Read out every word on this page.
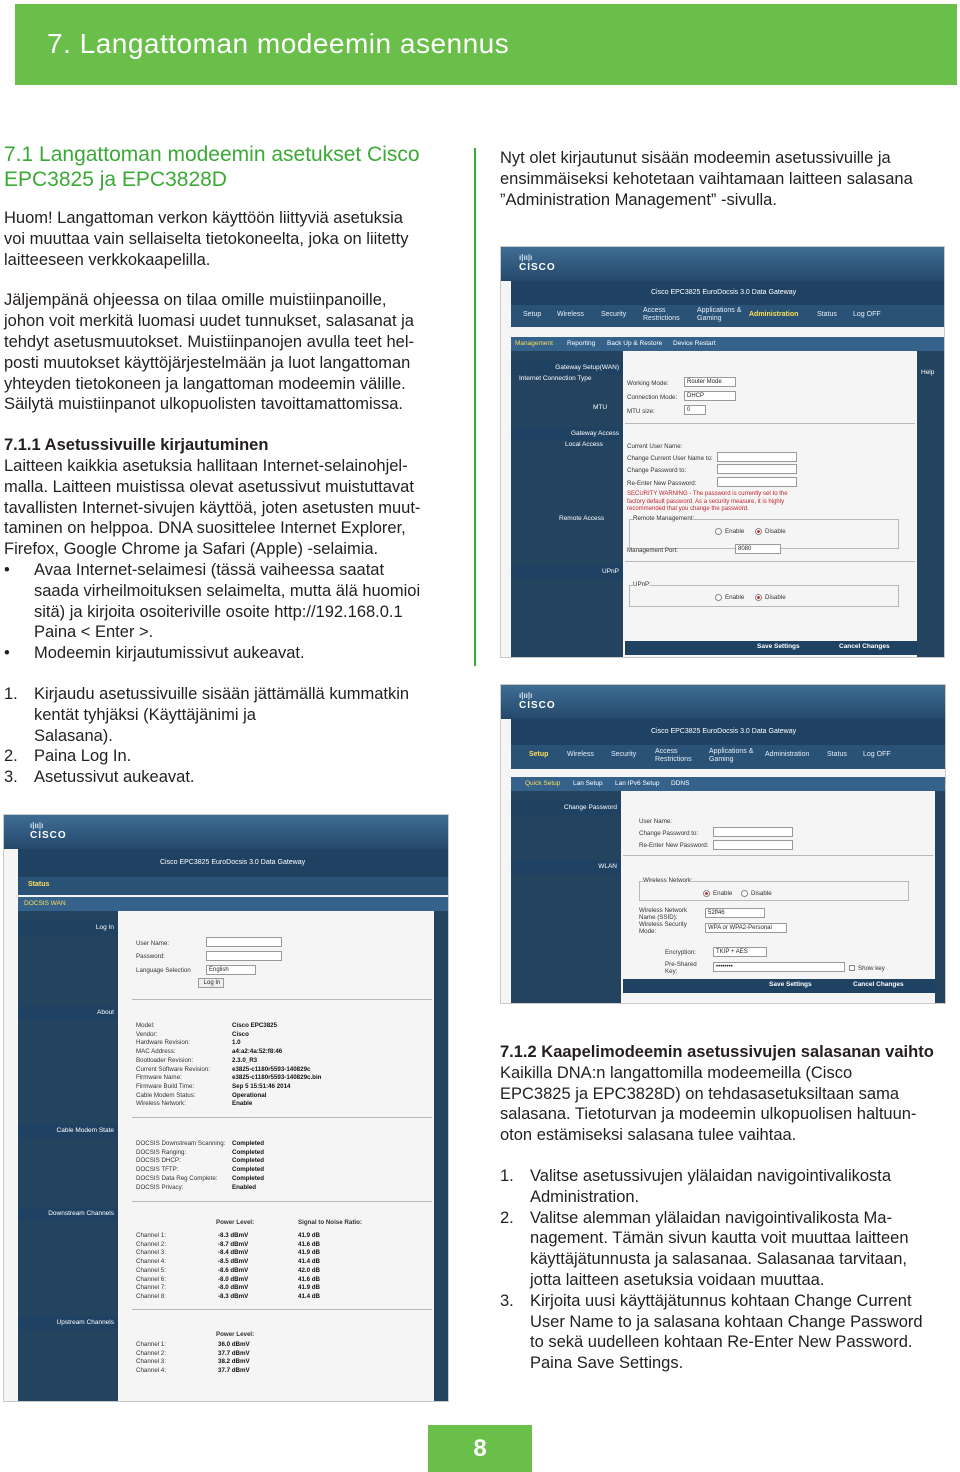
7. Langattoman modeemin asennus

7.1 Langattoman modeemin asetukset Cisco EPC3825 ja EPC3828D

Huom! Langattoman verkon käyttöön liittyviä asetuksia

voi muuttaa vain sellaiselta tietokoneelta, joka on liitetty

laitteeseen verkkokaapelilla.

Jäljempänä ohjeessa on tilaa omille muistiinpanoille,

johon voit merkitä luomasi uudet tunnukset, salasanat ja

tehdyt asetusmuutokset. Muistiinpanojen avulla teet hel-

posti muutokset käyttöjärjestelmään ja luot langattoman

yhteyden tietokoneen ja langattoman modeemin välille.

Säilytä muistiinpanot ulkopuolisten tavoittamattomissa.

7.1.1 Asetussivuille kirjautuminen

Laitteen kaikkia asetuksia hallitaan Internet-selainohjel-

malla. Laitteen muistissa olevat asetussivut muistuttavat

tavallisten Internet-sivujen käyttöä, joten asetusten muut-

taminen on helppoa. DNA suosittelee Internet Explorer,

Firefox, Google Chrome ja Safari (Apple) -selaimia.

• Avaa Internet-selaimesi (tässä vaiheessa saatat

saada virheilmoituksen selaimelta, mutta älä huomioi

sitä) ja kirjoita osoiteriville osoite http://192.168.0.1

Paina < Enter >.

• Modeemin kirjautumissivut aukeavat.

1. Kirjaudu asetussivuille sisään jättämällä kummatkin

kentät tyhjäksi (Käyttäjänimi ja

Salasana).

2. Paina Log In.

3. Asetussivut aukeavat.

Nyt olet kirjautunut sisään modeemin asetussivuille ja

ensimmäiseksi kehotetaan vaihtamaan laitteen salasana

”Administration Management” -sivulla.

7.1.2 Kaapelimodeemin asetussivujen salasanan vaihto

Kaikilla DNA:n langattomilla modeemeilla (Cisco

EPC3825 ja EPC3828D) on tehdasasetuksiltaan sama

salasana. Tietoturvan ja modeemin ulkopuolisen haltuun-

oton estämiseksi salasana tulee vaihtaa.

1. Valitse asetussivujen ylälaidan navigointivalikosta

Administration.

2. Valitse alemman ylälaidan navigointivalikosta Ma-

nagement. Tämän sivun kautta voit muuttaa laitteen

käyttäjätunnusta ja salasanaa. Salasanaa tarvitaan,

jotta laitteen asetuksia voidaan muuttaa.

3. Kirjoita uusi käyttäjätunnus kohtaan Change Current

User Name to ja salasana kohtaan Change Password

to sekä uudelleen kohtaan Re-Enter New Password.

Paina Save Settings.

ı|ıı|ı
CISCO
Cisco EPC3825 EuroDocsis 3.0 Data Gateway
Setup Wireless Security
Access Restrictions
Applications & Gaming
Administration	Status Log OFF
Management Reporting Back Up & Restore Device Restart
Help
Gateway Setup(WAN)
Internet Connection Type
MTU
Working Mode:	Router Mode
Connection Mode:	DHCP
MTU size:	0
Gateway Access
Local Access	Current User Name:
Change Current User Name to:
Change Password to:
Re-Enter New Password:
SECURITY WARNING - The password is currently set to the
factory default password. As a security measure, it is highly
recommended that you change the password.
Remote Access	Remote Management:
Enable	Disable
Management Port:	8080
UPnP
UPnP:
Enable	Disable
Save Settings	Cancel Changes
ı|ıı|ı
CISCO
Cisco EPC3825 EuroDocsis 3.0 Data Gateway
Setup	Wireless Security	Access Restrictions
Applications & Gaming
Administration	Status Log OFF
Quick Setup Lan Setup Lan IPv6 Setup DDNS
Change Password
User Name:
Change Password to:
Re-Enter New Password:
WLAN
Wireless Network:
Enable	Disable
Wireless Network Name (SSID):
52ff46
Wireless Security Mode:	WPA or WPA2-Personal
Encryption:	TKIP + AES
Pre-Shared Key:
••••••••	Show key
Save Settings	Cancel Changes
ı|ıı|ı
CISCO
Cisco EPC3825 EuroDocsis 3.0 Data Gateway
Status
DOCSIS WAN
Log In
User Name:
Password:
Language Selection	English
Log In
About
Model:	Cisco EPC3825
Vendor:	Cisco
Hardware Revision:	1.0
MAC Address:	a4:a2:4a:52:f8:46
Bootloader Revision:	2.3.0_R3
Current Software Revision:	e3825-c1180r5593-140829c
Firmware Name:	e3825-c1180r5593-140829c.bin
Firmware Build Time:	Sep 5 15:51:46 2014
Cable Modem Status:	Operational
Wireless Network:	Enable
Cable Modem State
DOCSIS Downstream Scanning: Completed
DOCSIS Ranging:	Completed
DOCSIS DHCP:	Completed
DOCSIS TFTP:	Completed
DOCSIS Data Reg Complete: Completed
DOCSIS Privacy:	Enabled
Downstream Channels
Power Level:	Signal to Noise Ratio:
Channel 1:	-8.3 dBmV	41.9 dB
Channel 2:	-8.7 dBmV	41.6 dB
Channel 3:	-8.4 dBmV	41.9 dB
Channel 4:	-8.5 dBmV	41.4 dB
Channel 5:	-8.6 dBmV	42.0 dB
Channel 6:	-8.0 dBmV	41.6 dB
Channel 7:	-8.0 dBmV	41.9 dB
Channel 8:	-8.3 dBmV	41.4 dB
Upstream Channels
Power Level:
Channel 1:	36.0 dBmV
Channel 2:	37.7 dBmV
Channel 3:	38.2 dBmV
Channel 4:	37.7 dBmV
8
